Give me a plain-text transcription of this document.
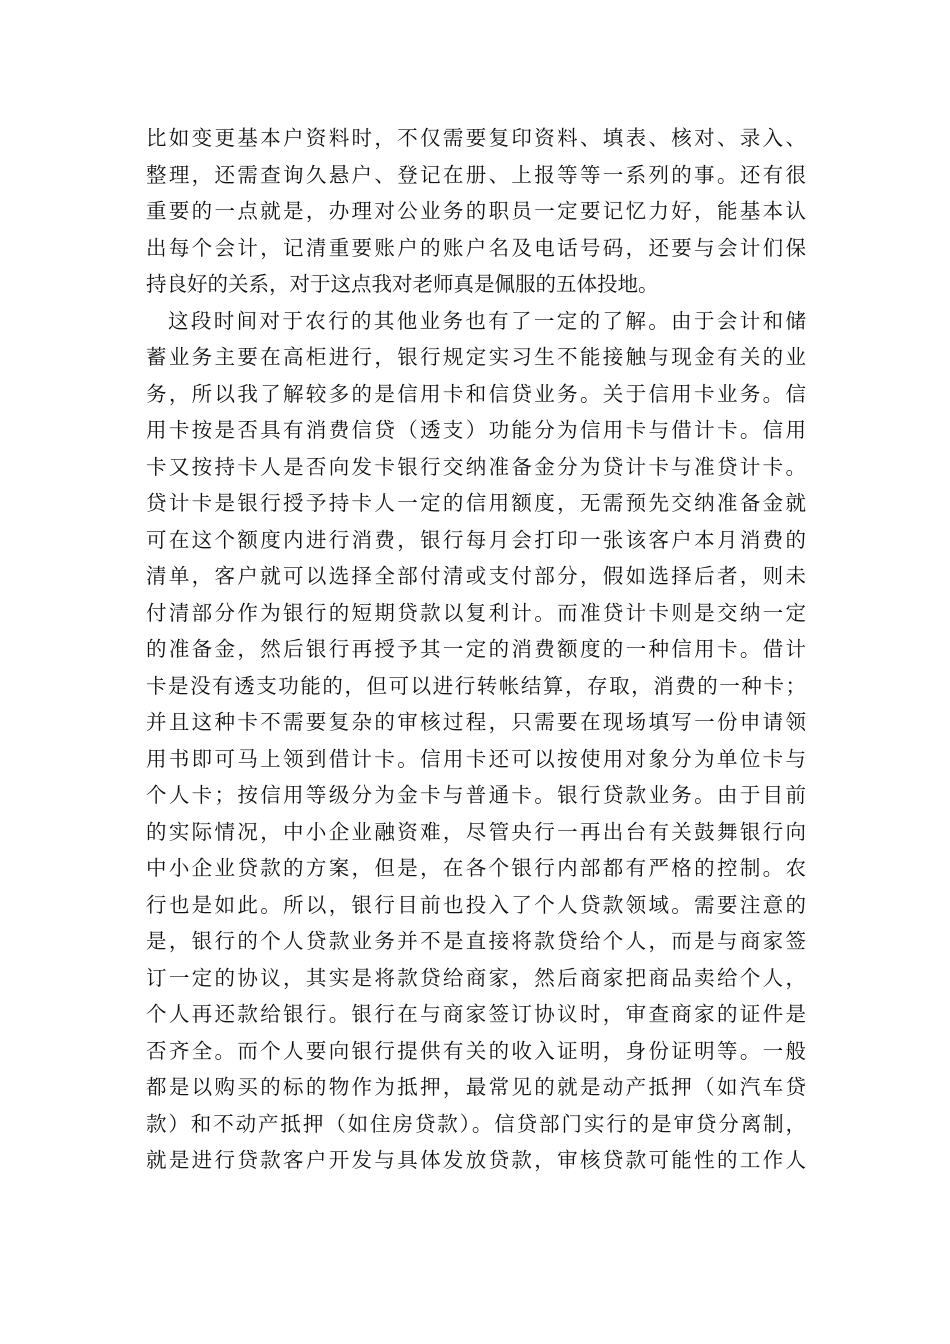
比如变更基本户资料时，不仅需要复印资料、填表、核对、录入、
整理，还需查询久悬户、登记在册、上报等等一系列的事。还有很
重要的一点就是，办理对公业务的职员一定要记忆力好，能基本认
出每个会计，记清重要账户的账户名及电话号码，还要与会计们保
持良好的关系，对于这点我对老师真是佩服的五体投地。
这段时间对于农行的其他业务也有了一定的了解。由于会计和储
蓄业务主要在高柜进行，银行规定实习生不能接触与现金有关的业
务，所以我了解较多的是信用卡和信贷业务。关于信用卡业务。信
用卡按是否具有消费信贷（透支）功能分为信用卡与借计卡。信用
卡又按持卡人是否向发卡银行交纳准备金分为贷计卡与准贷计卡。
贷计卡是银行授予持卡人一定的信用额度，无需预先交纳准备金就
可在这个额度内进行消费，银行每月会打印一张该客户本月消费的
清单，客户就可以选择全部付清或支付部分，假如选择后者，则未
付清部分作为银行的短期贷款以复利计。而准贷计卡则是交纳一定
的准备金，然后银行再授予其一定的消费额度的一种信用卡。借计
卡是没有透支功能的，但可以进行转帐结算，存取，消费的一种卡；
并且这种卡不需要复杂的审核过程，只需要在现场填写一份申请领
用书即可马上领到借计卡。信用卡还可以按使用对象分为单位卡与
个人卡；按信用等级分为金卡与普通卡。银行贷款业务。由于目前
的实际情况，中小企业融资难，尽管央行一再出台有关鼓舞银行向
中小企业贷款的方案，但是，在各个银行内部都有严格的控制。农
行也是如此。所以，银行目前也投入了个人贷款领域。需要注意的
是，银行的个人贷款业务并不是直接将款贷给个人，而是与商家签
订一定的协议，其实是将款贷给商家，然后商家把商品卖给个人，
个人再还款给银行。银行在与商家签订协议时，审查商家的证件是
否齐全。而个人要向银行提供有关的收入证明，身份证明等。一般
都是以购买的标的物作为抵押，最常见的就是动产抵押（如汽车贷
款）和不动产抵押（如住房贷款）。信贷部门实行的是审贷分离制，
就是进行贷款客户开发与具体发放贷款，审核贷款可能性的工作人
